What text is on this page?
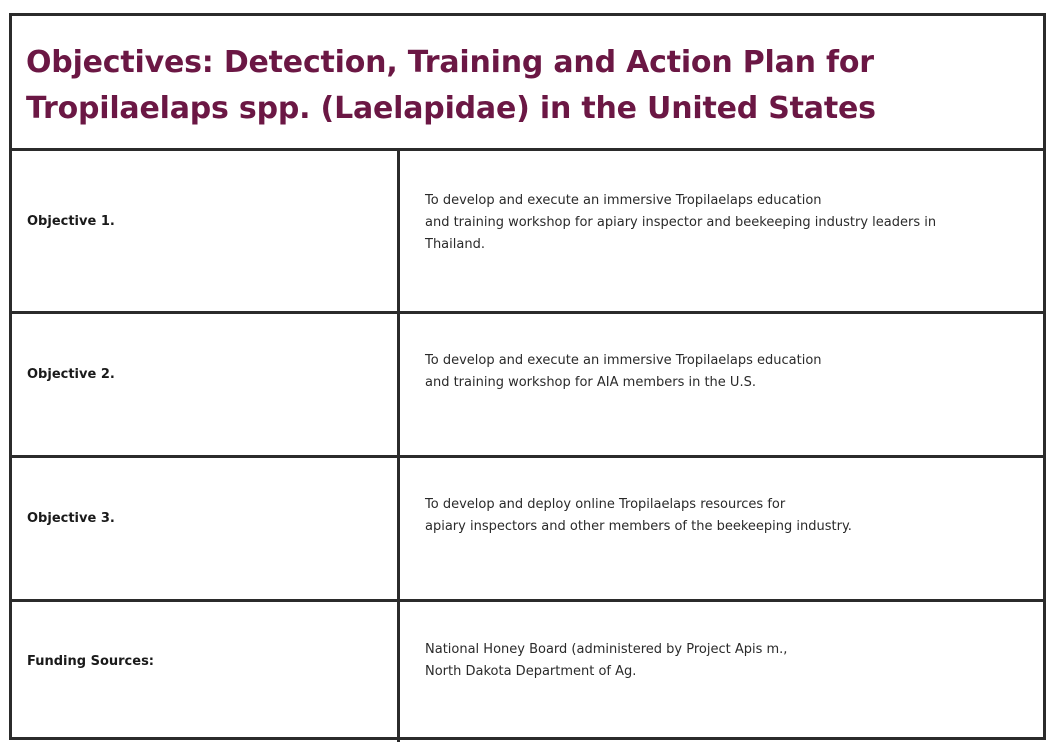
Objectives: Detection, Training and Action Plan for
Tropilaelaps spp. (Laelapidae) in the United States
Objective 1.
To develop and execute an immersive Tropilaelaps education
and training workshop for apiary inspector and beekeeping industry leaders in
Thailand.
Objective 2.
To develop and execute an immersive Tropilaelaps education
and training workshop for AIA members in the U.S.
Objective 3.
To develop and deploy online Tropilaelaps resources for
apiary inspectors and other members of the beekeeping industry.
Funding Sources:
National Honey Board (administered by Project Apis m.,
North Dakota Department of Ag.
